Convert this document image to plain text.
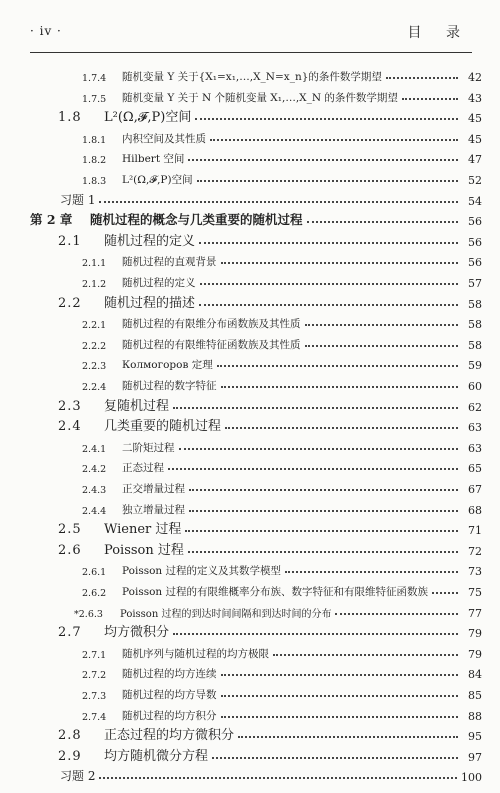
· iv ·	目 录
1.7.4	随机变量 Y 关于{X₁=x₁,…,X_N=x_n}的条件数学期望	42
1.7.5	随机变量 Y 关于 N 个随机变量 X₁,…,X_N 的条件数学期望	43
1.8	L²(Ω,𝓕,P)空间	45
1.8.1	内积空间及其性质	45
1.8.2	Hilbert 空间	47
1.8.3	L²(Ω,𝓕,P)空间	52
习题 1	54
第 2 章	随机过程的概念与几类重要的随机过程	56
2.1	随机过程的定义	56
2.1.1	随机过程的直观背景	56
2.1.2	随机过程的定义	57
2.2	随机过程的描述	58
2.2.1	随机过程的有限维分布函数族及其性质	58
2.2.2	随机过程的有限维特征函数族及其性质	58
2.2.3	Колмогоров 定理	59
2.2.4	随机过程的数字特征	60
2.3	复随机过程	62
2.4	几类重要的随机过程	63
2.4.1	二阶矩过程	63
2.4.2	正态过程	65
2.4.3	正交增量过程	67
2.4.4	独立增量过程	68
2.5	Wiener 过程	71
2.6	Poisson 过程	72
2.6.1	Poisson 过程的定义及其数学模型	73
2.6.2	Poisson 过程的有限维概率分布族、数字特征和有限维特征函数族	75
*2.6.3	Poisson 过程的到达时间间隔和到达时间的分布	77
2.7	均方微积分	79
2.7.1	随机序列与随机过程的均方极限	79
2.7.2	随机过程的均方连续	84
2.7.3	随机过程的均方导数	85
2.7.4	随机过程的均方积分	88
2.8	正态过程的均方微积分	95
2.9	均方随机微分方程	97
习题 2	100
